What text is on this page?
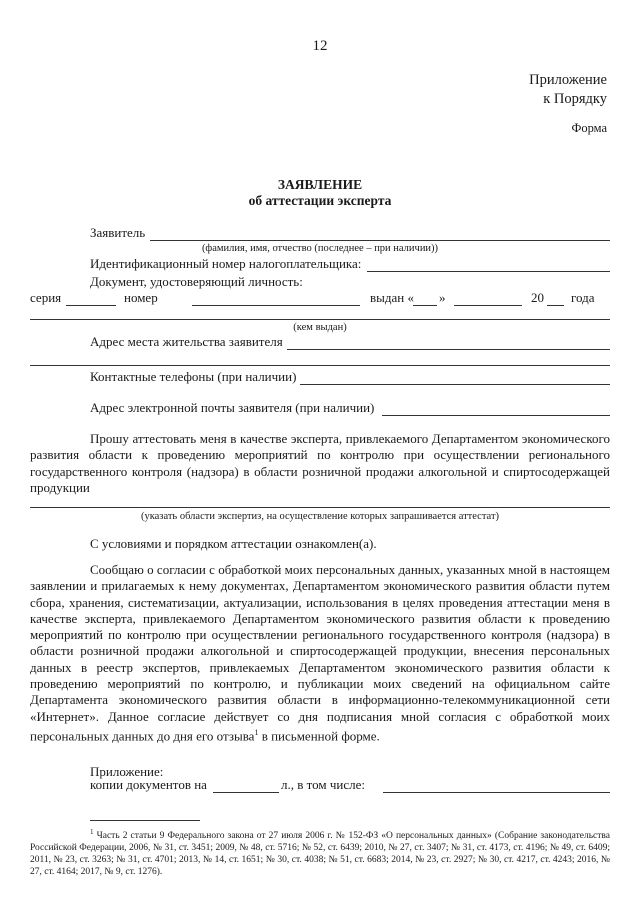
12
Приложение
к Порядку
Форма
ЗАЯВЛЕНИЕ
об аттестации эксперта
Заявитель
(фамилия, имя, отчество (последнее – при наличии))
Идентификационный номер налогоплательщика:
Документ, удостоверяющий личность:
серия	номер	выдан « »	20 года
(кем выдан)
Адрес места жительства заявителя
Контактные телефоны (при наличии)
Адрес электронной почты заявителя (при наличии)
Прошу аттестовать меня в качестве эксперта, привлекаемого Департаментом экономического развития области к проведению мероприятий по контролю при осуществлении регионального государственного контроля (надзора) в области розничной продажи алкогольной и спиртосодержащей продукции
(указать области экспертиз, на осуществление которых запрашивается аттестат)
С условиями и порядком аттестации ознакомлен(а).
Сообщаю о согласии с обработкой моих персональных данных, указанных мной в настоящем заявлении и прилагаемых к нему документах, Департаментом экономического развития области путем сбора, хранения, систематизации, актуализации, использования в целях проведения аттестации меня в качестве эксперта, привлекаемого Департаментом экономического развития области к проведению мероприятий по контролю при осуществлении регионального государственного контроля (надзора) в области розничной продажи алкогольной и спиртосодержащей продукции, внесения персональных данных в реестр экспертов, привлекаемых Департаментом экономического развития области к проведению мероприятий по контролю, и публикации моих сведений на официальном сайте Департамента экономического развития области в информационно-телекоммуникационной сети «Интернет». Данное согласие действует со дня подписания мной согласия с обработкой моих персональных данных до дня его отзыва$^1$ в письменной форме.
Приложение:
копии документов на	л., в том числе:
$^1$ Часть 2 статьи 9 Федерального закона от 27 июля 2006 г. № 152-ФЗ «О персональных данных» (Собрание законодательства Российской Федерации, 2006, № 31, ст. 3451; 2009, № 48, ст. 5716; № 52, ст. 6439; 2010, № 27, ст. 3407; № 31, ст. 4173, ст. 4196; № 49, ст. 6409; 2011, № 23, ст. 3263; № 31, ст. 4701; 2013, № 14, ст. 1651; № 30, ст. 4038; № 51, ст. 6683; 2014, № 23, ст. 2927; № 30, ст. 4217, ст. 4243; 2016, № 27, ст. 4164; 2017, № 9, ст. 1276).
